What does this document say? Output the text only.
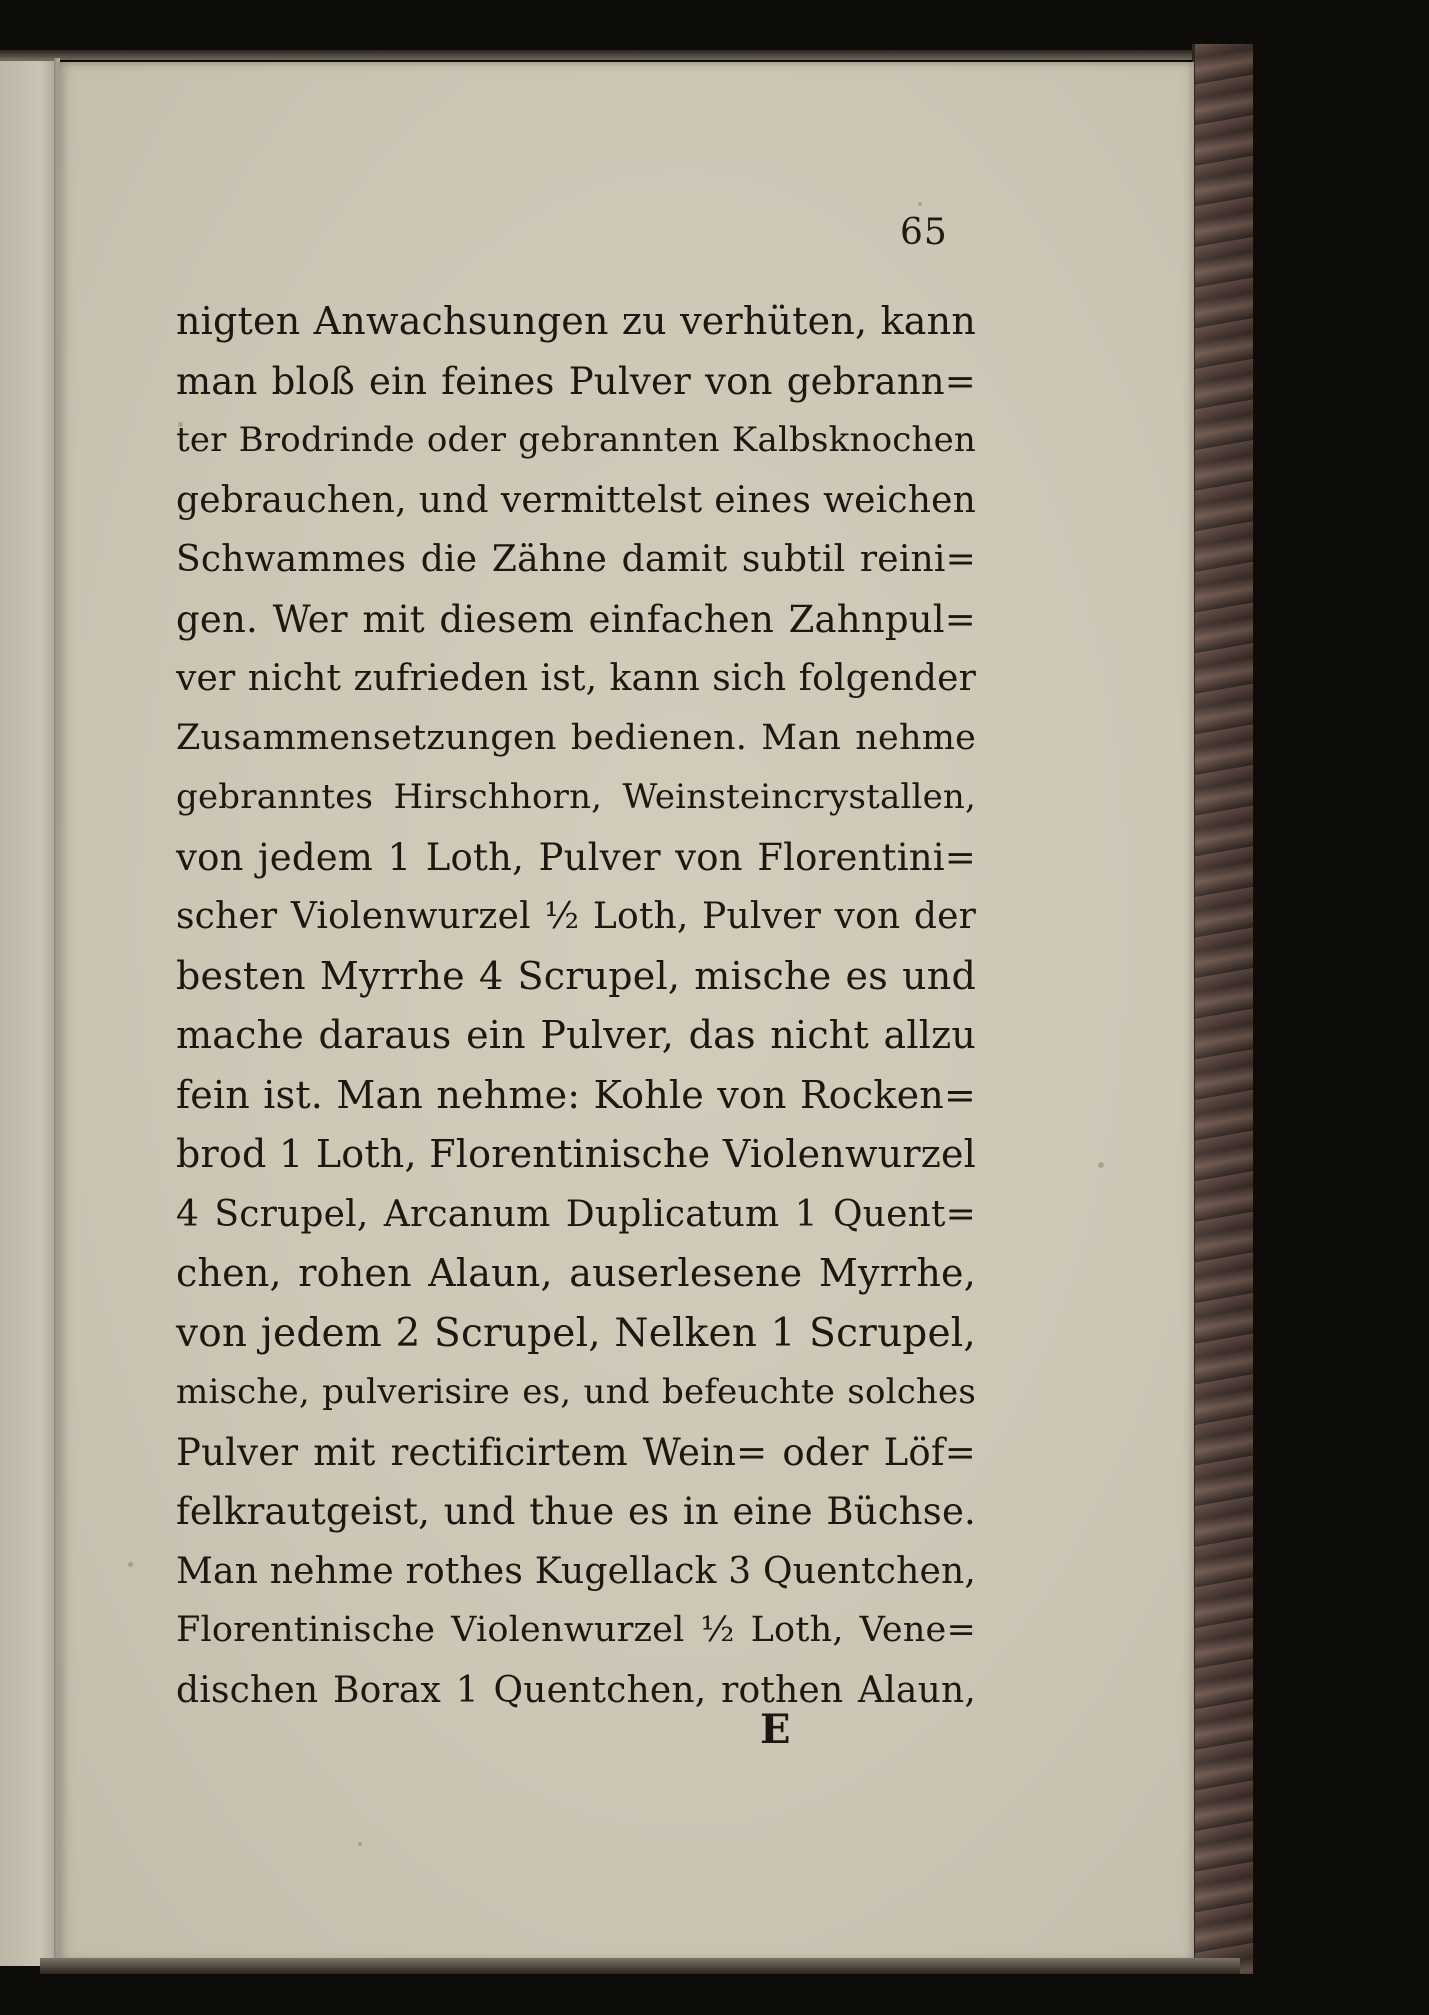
65
nigten Anwachsungen zu verhüten, kann
man bloß ein feines Pulver von gebrann=
ter Brodrinde oder gebrannten Kalbsknochen
gebrauchen, und vermittelst eines weichen
Schwammes die Zähne damit subtil reini=
gen. Wer mit diesem einfachen Zahnpul=
ver nicht zufrieden ist, kann sich folgender
Zusammensetzungen bedienen. Man nehme
gebranntes Hirschhorn, Weinsteincrystallen,
von jedem 1 Loth, Pulver von Florentini=
scher Violenwurzel ½ Loth, Pulver von der
besten Myrrhe 4 Scrupel, mische es und
mache daraus ein Pulver, das nicht allzu
fein ist. Man nehme: Kohle von Rocken=
brod 1 Loth, Florentinische Violenwurzel
4 Scrupel, Arcanum Duplicatum 1 Quent=
chen, rohen Alaun, auserlesene Myrrhe,
von jedem 2 Scrupel, Nelken 1 Scrupel,
mische, pulverisire es, und befeuchte solches
Pulver mit rectificirtem Wein= oder Löf=
felkrautgeist, und thue es in eine Büchse.
Man nehme rothes Kugellack 3 Quentchen,
Florentinische Violenwurzel ½ Loth, Vene=
dischen Borax 1 Quentchen, rothen Alaun,
E
